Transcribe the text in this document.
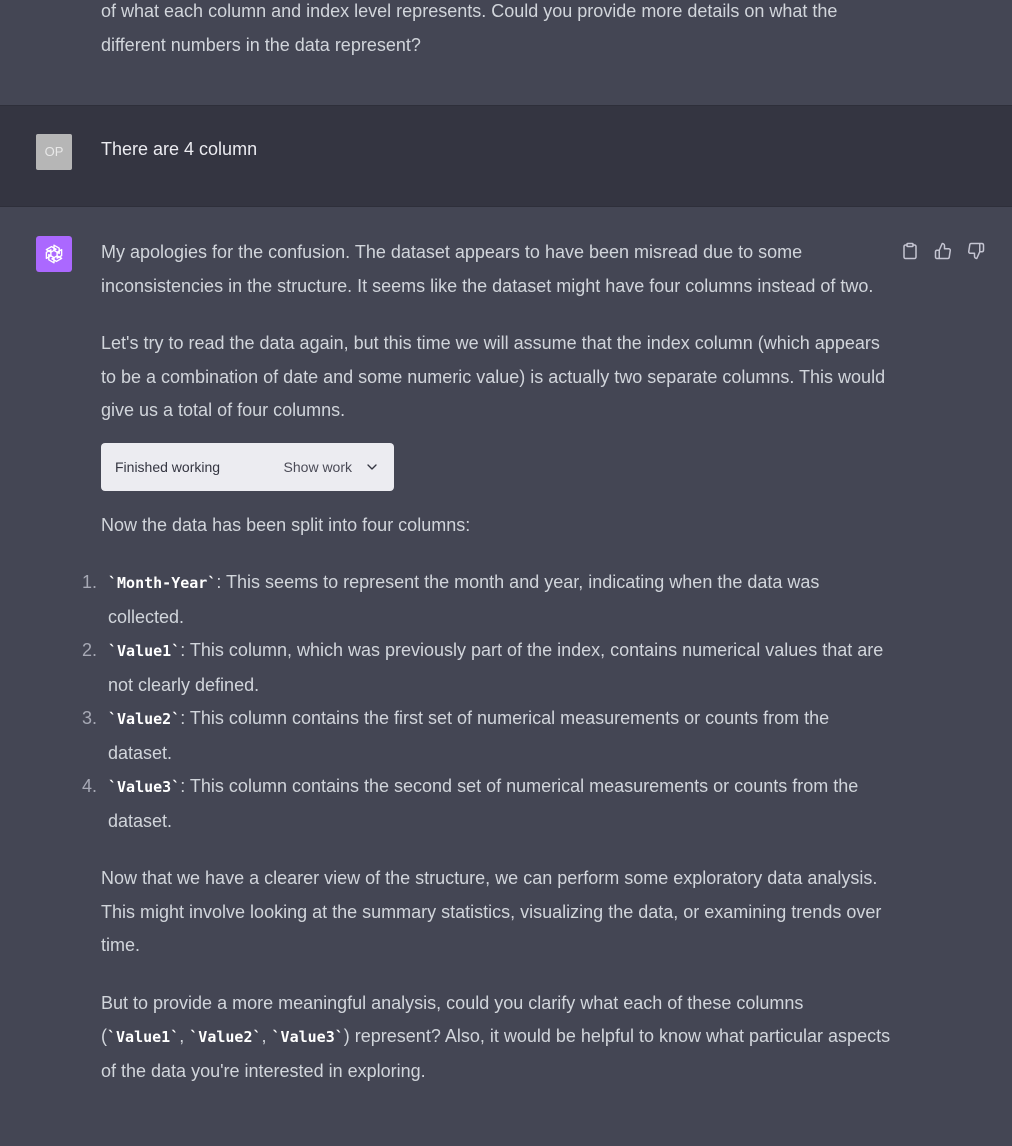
of what each column and index level represents. Could you provide more details on what the different numbers in the data represent?
OP	There are 4 column

My apologies for the confusion. The dataset appears to have been misread due to some inconsistencies in the structure. It seems like the dataset might have four columns instead of two.

Let's try to read the data again, but this time we will assume that the index column (which appears to be a combination of date and some numeric value) is actually two separate columns. This would give us a total of four columns.

Finished working	Show work

Now the data has been split into four columns:

1. `Month-Year`: This seems to represent the month and year, indicating when the data was collected.
2. `Value1`: This column, which was previously part of the index, contains numerical values that are not clearly defined.
3. `Value2`: This column contains the first set of numerical measurements or counts from the dataset.
4. `Value3`: This column contains the second set of numerical measurements or counts from the dataset.

Now that we have a clearer view of the structure, we can perform some exploratory data analysis. This might involve looking at the summary statistics, visualizing the data, or examining trends over time.

But to provide a more meaningful analysis, could you clarify what each of these columns (`Value1`, `Value2`, `Value3`) represent? Also, it would be helpful to know what particular aspects of the data you're interested in exploring.
